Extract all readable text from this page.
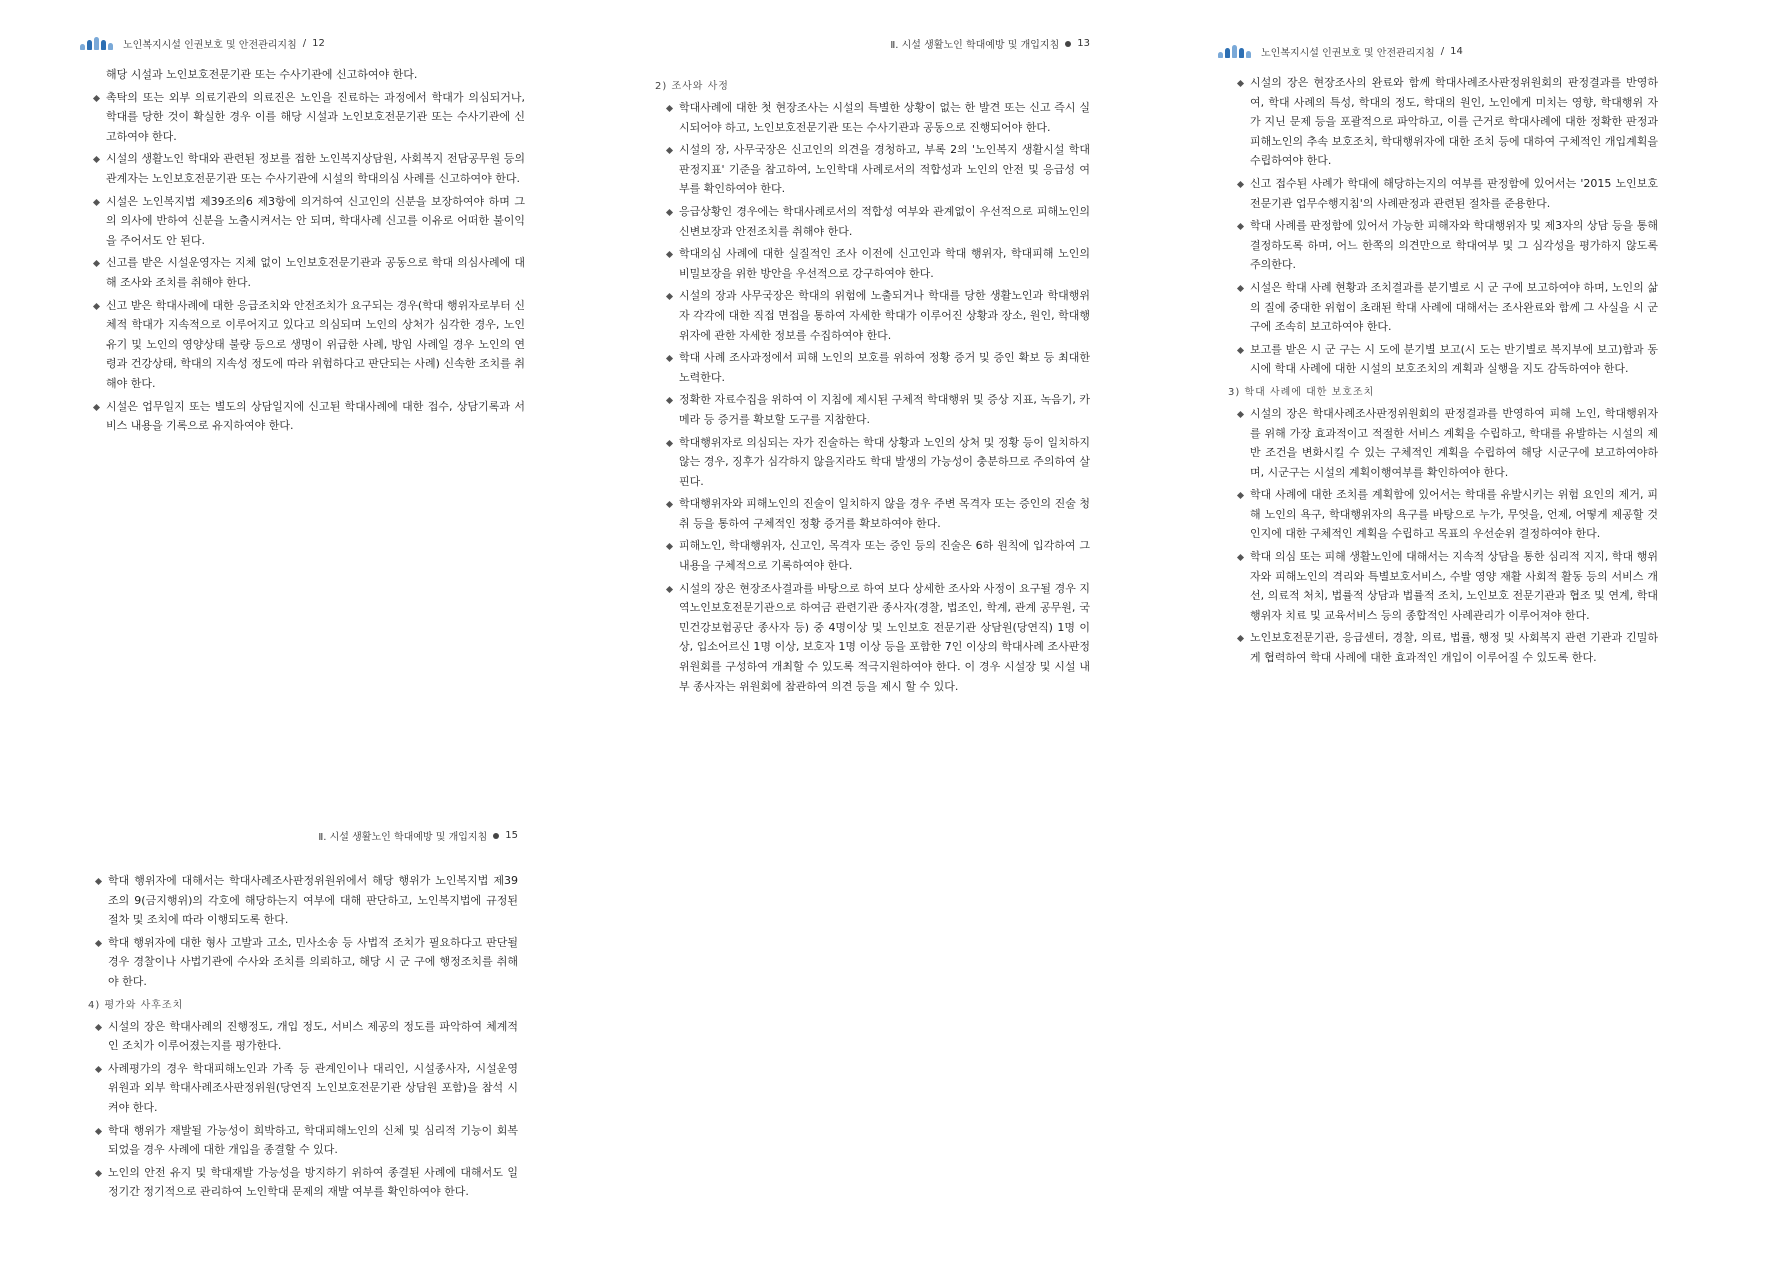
노인복지시설 인권보호 및 안전관리지침 / 12
해당 시설과 노인보호전문기관 또는 수사기관에 신고하여야 한다.
촉탁의 또는 외부 의료기관의 의료진은 노인을 진료하는 과정에서 학대가 의심되거나, 학대를 당한 것이 확실한 경우 이를 해당 시설과 노인보호전문기관 또는 수사기관에 신고하여야 한다.
시설의 생활노인 학대와 관련된 정보를 접한 노인복지상담원, 사회복지 전담공무원 등의 관계자는 노인보호전문기관 또는 수사기관에 시설의 학대의심 사례를 신고하여야 한다.
시설은 노인복지법 제39조의6 제3항에 의거하여 신고인의 신분을 보장하여야 하며 그의 의사에 반하여 신분을 노출시켜서는 안 되며, 학대사례 신고를 이유로 어떠한 불이익을 주어서도 안 된다.
신고를 받은 시설운영자는 지체 없이 노인보호전문기관과 공동으로 학대 의심사례에 대해 조사와 조치를 취해야 한다.
신고 받은 학대사례에 대한 응급조치와 안전조치가 요구되는 경우(학대 행위자로부터 신체적 학대가 지속적으로 이루어지고 있다고 의심되며 노인의 상처가 심각한 경우, 노인 유기 및 노인의 영양상태 불량 등으로 생명이 위급한 사례, 방임 사례일 경우 노인의 연령과 건강상태, 학대의 지속성 정도에 따라 위험하다고 판단되는 사례) 신속한 조치를 취해야 한다.
시설은 업무일지 또는 별도의 상담일지에 신고된 학대사례에 대한 접수, 상담기록과 서비스 내용을 기록으로 유지하여야 한다.
Ⅱ. 시설 생활노인 학대예방 및 개입지침 13
2) 조사와 사정
학대사례에 대한 첫 현장조사는 시설의 특별한 상황이 없는 한 발견 또는 신고 즉시 실시되어야 하고, 노인보호전문기관 또는 수사기관과 공동으로 진행되어야 한다.
시설의 장, 사무국장은 신고인의 의견을 경청하고, 부록 2의 '노인복지 생활시설 학대 판정지표' 기준을 참고하여, 노인학대 사례로서의 적합성과 노인의 안전 및 응급성 여부를 확인하여야 한다.
응급상황인 경우에는 학대사례로서의 적합성 여부와 관계없이 우선적으로 피해노인의 신변보장과 안전조치를 취해야 한다.
학대의심 사례에 대한 실질적인 조사 이전에 신고인과 학대 행위자, 학대피해 노인의 비밀보장을 위한 방안을 우선적으로 강구하여야 한다.
시설의 장과 사무국장은 학대의 위험에 노출되거나 학대를 당한 생활노인과 학대행위자 각각에 대한 직접 면접을 통하여 자세한 학대가 이루어진 상황과 장소, 원인, 학대행위자에 관한 자세한 정보를 수집하여야 한다.
학대 사례 조사과정에서 피해 노인의 보호를 위하여 정황 증거 및 증인 확보 등 최대한 노력한다.
정확한 자료수집을 위하여 이 지침에 제시된 구체적 학대행위 및 증상 지표, 녹음기, 카메라 등 증거를 확보할 도구를 지참한다.
학대행위자로 의심되는 자가 진술하는 학대 상황과 노인의 상처 및 정황 등이 일치하지 않는 경우, 징후가 심각하지 않을지라도 학대 발생의 가능성이 충분하므로 주의하여 살핀다.
학대행위자와 피해노인의 진술이 일치하지 않을 경우 주변 목격자 또는 증인의 진술 청취 등을 통하여 구체적인 정황 증거를 확보하여야 한다.
피해노인, 학대행위자, 신고인, 목격자 또는 증인 등의 진술은 6하 원칙에 입각하여 그 내용을 구체적으로 기록하여야 한다.
시설의 장은 현장조사결과를 바탕으로 하여 보다 상세한 조사와 사정이 요구될 경우 지역노인보호전문기관으로 하여금 관련기관 종사자(경찰, 법조인, 학계, 관계 공무원, 국민건강보험공단 종사자 등) 중 4명이상 및 노인보호 전문기관 상담원(당연직) 1명 이상, 입소어르신 1명 이상, 보호자 1명 이상 등을 포함한 7인 이상의 학대사례 조사판정위원회를 구성하여 개최할 수 있도록 적극지원하여야 한다. 이 경우 시설장 및 시설 내부 종사자는 위원회에 참관하여 의견 등을 제시 할 수 있다.
노인복지시설 인권보호 및 안전관리지침 / 14
시설의 장은 현장조사의 완료와 함께 학대사례조사판정위원회의 판정결과를 반영하여, 학대 사례의 특성, 학대의 정도, 학대의 원인, 노인에게 미치는 영향, 학대행위 자가 지닌 문제 등을 포괄적으로 파악하고, 이를 근거로 학대사례에 대한 정확한 판정과 피해노인의 추속 보호조치, 학대행위자에 대한 조치 등에 대하여 구체적인 개입계획을 수립하여야 한다.
신고 접수된 사례가 학대에 해당하는지의 여부를 판정함에 있어서는 '2015 노인보호전문기관 업무수행지침'의 사례판정과 관련된 절차를 준용한다.
학대 사례를 판정함에 있어서 가능한 피해자와 학대행위자 및 제3자의 상담 등을 통해 결정하도록 하며, 어느 한쪽의 의견만으로 학대여부 및 그 심각성을 평가하지 않도록 주의한다.
시설은 학대 사례 현황과 조치결과를 분기별로 시 군 구에 보고하여야 하며, 노인의 삶의 질에 중대한 위험이 초래된 학대 사례에 대해서는 조사완료와 함께 그 사실을 시 군 구에 조속히 보고하여야 한다.
보고를 받은 시 군 구는 시 도에 분기별 보고(시 도는 반기별로 복지부에 보고)함과 동시에 학대 사례에 대한 시설의 보호조치의 계획과 실행을 지도 감독하여야 한다.
3) 학대 사례에 대한 보호조치
시설의 장은 학대사례조사판정위원회의 판정결과를 반영하여 피해 노인, 학대행위자를 위해 가장 효과적이고 적절한 서비스 계획을 수립하고, 학대를 유발하는 시설의 제반 조건을 변화시킬 수 있는 구체적인 계획을 수립하여 해당 시군구에 보고하여야하며, 시군구는 시설의 계획이행여부를 확인하여야 한다.
학대 사례에 대한 조치를 계획함에 있어서는 학대를 유발시키는 위험 요인의 제거, 피해 노인의 욕구, 학대행위자의 욕구를 바탕으로 누가, 무엇을, 언제, 어떻게 제공할 것인지에 대한 구체적인 계획을 수립하고 목표의 우선순위 결정하여야 한다.
학대 의심 또는 피해 생활노인에 대해서는 지속적 상담을 통한 심리적 지지, 학대 행위자와 피해노인의 격리와 특별보호서비스, 수발 영양 재활 사회적 활동 등의 서비스 개선, 의료적 처치, 법률적 상담과 법률적 조치, 노인보호 전문기관과 협조 및 연계, 학대행위자 치료 및 교육서비스 등의 종합적인 사례관리가 이루어져야 한다.
노인보호전문기관, 응급센터, 경찰, 의료, 법률, 행정 및 사회복지 관련 기관과 긴밀하게 협력하여 학대 사례에 대한 효과적인 개입이 이루어질 수 있도록 한다.
Ⅱ. 시설 생활노인 학대예방 및 개입지침 15
학대 행위자에 대해서는 학대사례조사판정위원위에서 해당 행위가 노인복지법 제39조의 9(금지행위)의 각호에 해당하는지 여부에 대해 판단하고, 노인복지법에 규정된 절차 및 조치에 따라 이행되도록 한다.
학대 행위자에 대한 형사 고발과 고소, 민사소송 등 사법적 조치가 필요하다고 판단될 경우 경찰이나 사법기관에 수사와 조치를 의뢰하고, 해당 시 군 구에 행정조치를 취해야 한다.
4) 평가와 사후조치
시설의 장은 학대사례의 진행정도, 개입 정도, 서비스 제공의 정도를 파악하여 체계적인 조치가 이루어졌는지를 평가한다.
사례평가의 경우 학대피해노인과 가족 등 관계인이나 대리인, 시설종사자, 시설운영 위원과 외부 학대사례조사판정위원(당연직 노인보호전문기관 상담원 포함)을 참석 시켜야 한다.
학대 행위가 재발될 가능성이 희박하고, 학대피해노인의 신체 및 심리적 기능이 회복 되었을 경우 사례에 대한 개입을 종결할 수 있다.
노인의 안전 유지 및 학대재발 가능성을 방지하기 위하여 종결된 사례에 대해서도 일정기간 정기적으로 관리하여 노인학대 문제의 재발 여부를 확인하여야 한다.
